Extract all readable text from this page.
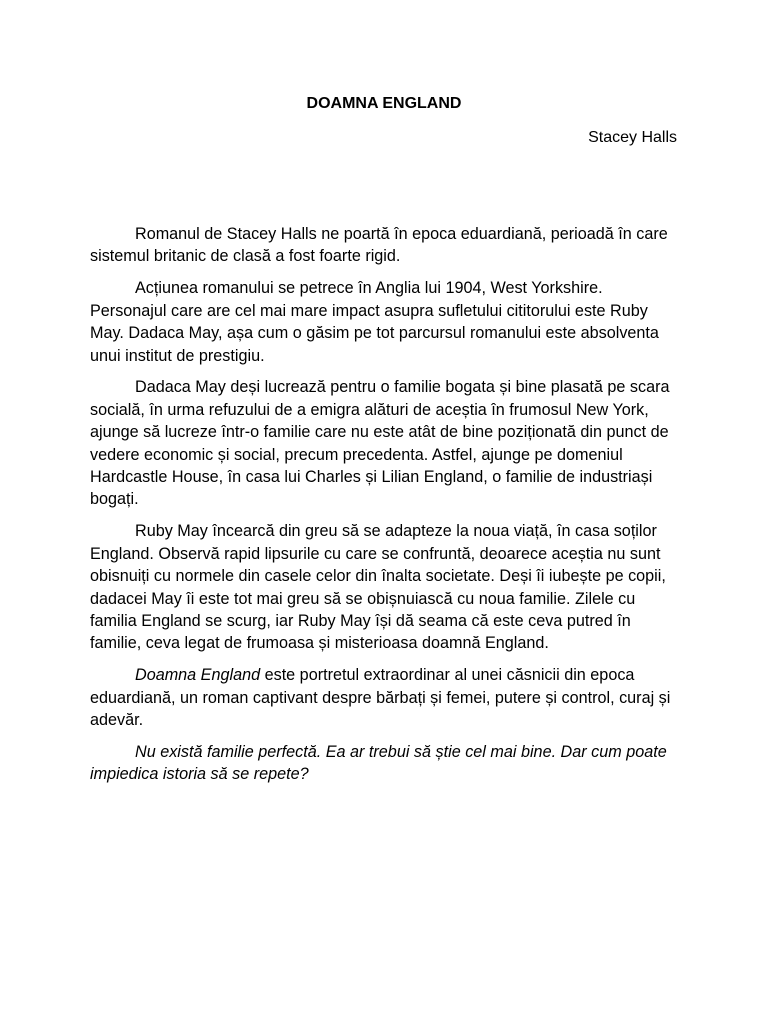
DOAMNA ENGLAND
Stacey Halls

Romanul de Stacey Halls ne poartă în epoca eduardiană, perioadă în care sistemul britanic de clasă a fost foarte rigid.

Acțiunea romanului se petrece în Anglia lui 1904, West Yorkshire. Personajul care are cel mai mare impact asupra sufletului cititorului este Ruby May. Dadaca May, așa cum o găsim pe tot parcursul romanului este absolventa unui institut de prestigiu.

Dadaca May deși lucrează pentru o familie bogata și bine plasată pe scara socială, în urma refuzului de a emigra alături de aceștia în frumosul New York, ajunge să lucreze într-o familie care nu este atât de bine poziționată din punct de vedere economic și social, precum precedenta. Astfel, ajunge pe domeniul Hardcastle House, în casa lui Charles și Lilian England, o familie de industriași bogați.

Ruby May încearcă din greu să se adapteze la noua viață, în casa soților England. Observă rapid lipsurile cu care se confruntă, deoarece aceștia nu sunt obisnuiți cu normele din casele celor din înalta societate. Deși îi iubește pe copii, dadacei May îi este tot mai greu să se obișnuiască cu noua familie. Zilele cu familia England se scurg, iar Ruby May își dă seama că este ceva putred în familie, ceva legat de frumoasa și misterioasa doamnă England.

Doamna England este portretul extraordinar al unei căsnicii din epoca eduardiană, un roman captivant despre bărbați și femei, putere și control, curaj și adevăr.

Nu există familie perfectă. Ea ar trebui să știe cel mai bine. Dar cum poate impiedica istoria să se repete?
